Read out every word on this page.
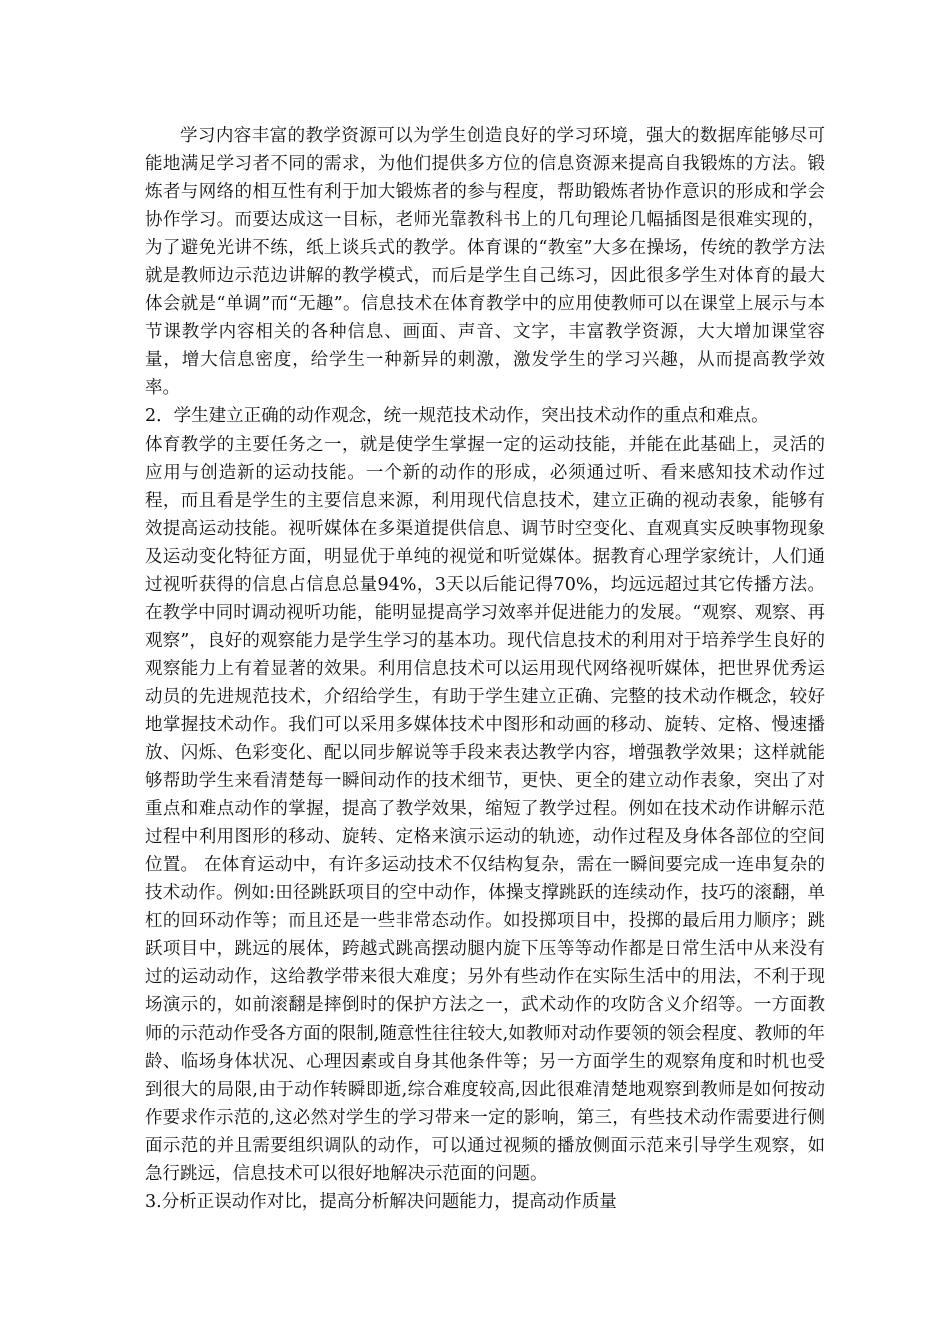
学习内容丰富的教学资源可以为学生创造良好的学习环境，强大的数据库能够尽可能地满足学习者不同的需求，为他们提供多方位的信息资源来提高自我锻炼的方法。锻炼者与网络的相互性有利于加大锻炼者的参与程度，帮助锻炼者协作意识的形成和学会协作学习。而要达成这一目标，老师光靠教科书上的几句理论几幅插图是很难实现的，为了避免光讲不练，纸上谈兵式的教学。体育课的“教室”大多在操场，传统的教学方法就是教师边示范边讲解的教学模式，而后是学生自己练习，因此很多学生对体育的最大体会就是“单调”而“无趣”。信息技术在体育教学中的应用使教师可以在课堂上展示与本节课教学内容相关的各种信息、画面、声音、文字，丰富教学资源，大大增加课堂容量，增大信息密度，给学生一种新异的刺激，激发学生的学习兴趣，从而提高教学效率。

2．学生建立正确的动作观念，统一规范技术动作，突出技术动作的重点和难点。

体育教学的主要任务之一，就是使学生掌握一定的运动技能，并能在此基础上，灵活的应用与创造新的运动技能。一个新的动作的形成，必须通过听、看来感知技术动作过程，而且看是学生的主要信息来源，利用现代信息技术，建立正确的视动表象，能够有效提高运动技能。视听媒体在多渠道提供信息、调节时空变化、直观真实反映事物现象及运动变化特征方面，明显优于单纯的视觉和听觉媒体。据教育心理学家统计，人们通过视听获得的信息占信息总量94%，3天以后能记得70%，均远远超过其它传播方法。在教学中同时调动视听功能，能明显提高学习效率并促进能力的发展。“观察、观察、再观察”，良好的观察能力是学生学习的基本功。现代信息技术的利用对于培养学生良好的观察能力上有着显著的效果。利用信息技术可以运用现代网络视听媒体，把世界优秀运动员的先进规范技术，介绍给学生，有助于学生建立正确、完整的技术动作概念，较好地掌握技术动作。我们可以采用多媒体技术中图形和动画的移动、旋转、定格、慢速播放、闪烁、色彩变化、配以同步解说等手段来表达教学内容，增强教学效果；这样就能够帮助学生来看清楚每一瞬间动作的技术细节，更快、更全的建立动作表象，突出了对重点和难点动作的掌握，提高了教学效果，缩短了教学过程。例如在技术动作讲解示范过程中利用图形的移动、旋转、定格来演示运动的轨迹，动作过程及身体各部位的空间位置。 在体育运动中，有许多运动技术不仅结构复杂，需在一瞬间要完成一连串复杂的技术动作。例如:田径跳跃项目的空中动作，体操支撑跳跃的连续动作，技巧的滚翻，单杠的回环动作等；而且还是一些非常态动作。如投掷项目中，投掷的最后用力顺序；跳跃项目中，跳远的展体，跨越式跳高摆动腿内旋下压等等动作都是日常生活中从来没有过的运动动作，这给教学带来很大难度；另外有些动作在实际生活中的用法，不利于现场演示的，如前滚翻是摔倒时的保护方法之一，武术动作的攻防含义介绍等。一方面教师的示范动作受各方面的限制,随意性往往较大,如教师对动作要领的领会程度、教师的年龄、临场身体状况、心理因素或自身其他条件等；另一方面学生的观察角度和时机也受到很大的局限,由于动作转瞬即逝,综合难度较高,因此很难清楚地观察到教师是如何按动作要求作示范的,这必然对学生的学习带来一定的影响，第三，有些技术动作需要进行侧面示范的并且需要组织调队的动作，可以通过视频的播放侧面示范来引导学生观察，如急行跳远，信息技术可以很好地解决示范面的问题。

3.分析正误动作对比，提高分析解决问题能力，提高动作质量
